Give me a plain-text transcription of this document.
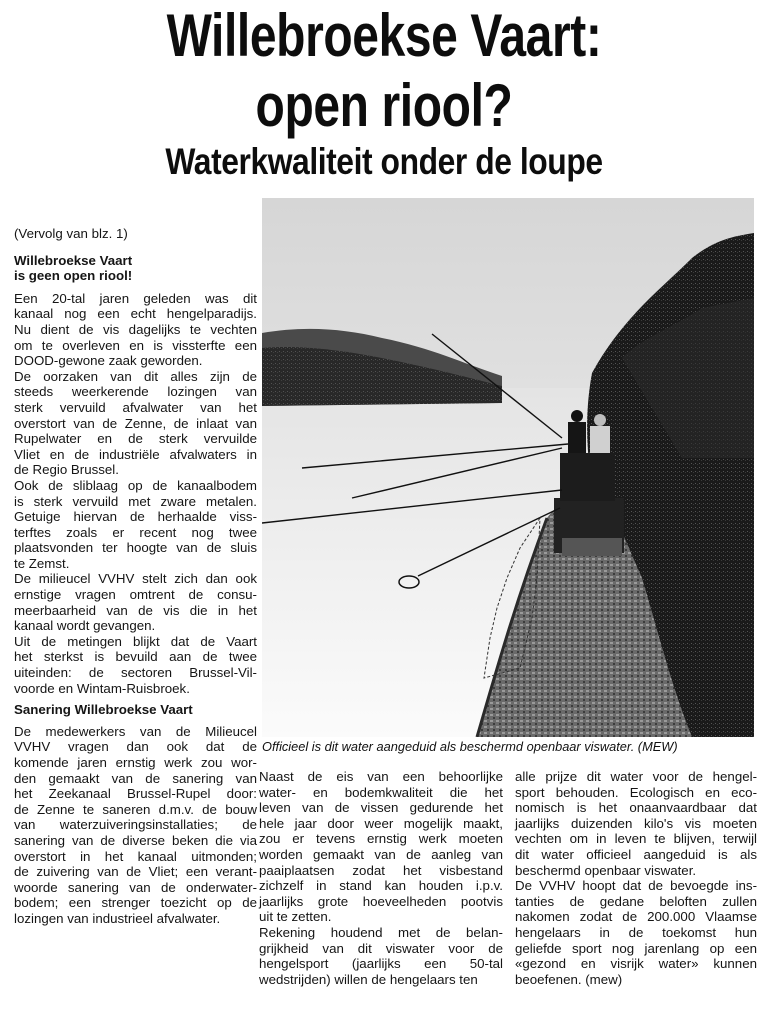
Willebroekse Vaart:
open riool?
Waterkwaliteit onder de loupe

(Vervolg van blz. 1)

Willebroekse Vaart
is geen open riool!

Een 20-tal jaren geleden was dit

kanaal nog een echt hengelparadijs.

Nu dient de vis dagelijks te vechten

om te overleven en is vissterfte een

DOOD-gewone zaak geworden.

De oorzaken van dit alles zijn de

steeds weerkerende lozingen van

sterk vervuild afvalwater van het

overstort van de Zenne, de inlaat van

Rupelwater en de sterk vervuilde

Vliet en de industriële afvalwaters in

de Regio Brussel.

Ook de sliblaag op de kanaalbodem

is sterk vervuild met zware metalen.

Getuige hiervan de herhaalde viss-

terftes zoals er recent nog twee

plaatsvonden ter hoogte van de sluis

te Zemst.

De milieucel VVHV stelt zich dan ook

ernstige vragen omtrent de consu-

meerbaarheid van de vis die in het

kanaal wordt gevangen.

Uit de metingen blijkt dat de Vaart

het sterkst is bevuild aan de twee

uiteinden: de sectoren Brussel-Vil-

voorde en Wintam-Ruisbroek.

Sanering Willebroekse Vaart

De medewerkers van de Milieucel

VVHV vragen dan ook dat de

komende jaren ernstig werk zou wor-

den gemaakt van de sanering van

het Zeekanaal Brussel-Rupel door:

de Zenne te saneren d.m.v. de bouw

van waterzuiveringsinstallaties; de

sanering van de diverse beken die via

overstort in het kanaal uitmonden;

de zuivering van de Vliet; een verant-

woorde sanering van de onderwater-

bodem; een strenger toezicht op de

lozingen van industrieel afvalwater.

Officieel is dit water aangeduid als beschermd openbaar viswater. (MEW)

Naast de eis van een behoorlijke

water- en bodemkwaliteit die het

leven van de vissen gedurende het

hele jaar door weer mogelijk maakt,

zou er tevens ernstig werk moeten

worden gemaakt van de aanleg van

paaiplaatsen zodat het visbestand

zichzelf in stand kan houden i.p.v.

jaarlijks grote hoeveelheden pootvis

uit te zetten.

Rekening houdend met de belan-

grijkheid van dit viswater voor de

hengelsport (jaarlijks een 50-tal

wedstrijden) willen de hengelaars ten

alle prijze dit water voor de hengel-

sport behouden. Ecologisch en eco-

nomisch is het onaanvaardbaar dat

jaarlijks duizenden kilo's vis moeten

vechten om in leven te blijven, terwijl

dit water officieel aangeduid is als

beschermd openbaar viswater.

De VVHV hoopt dat de bevoegde ins-

tanties de gedane beloften zullen

nakomen zodat de 200.000 Vlaamse

hengelaars in de toekomst hun

geliefde sport nog jarenlang op een

«gezond en visrijk water» kunnen

beoefenen. (mew)
